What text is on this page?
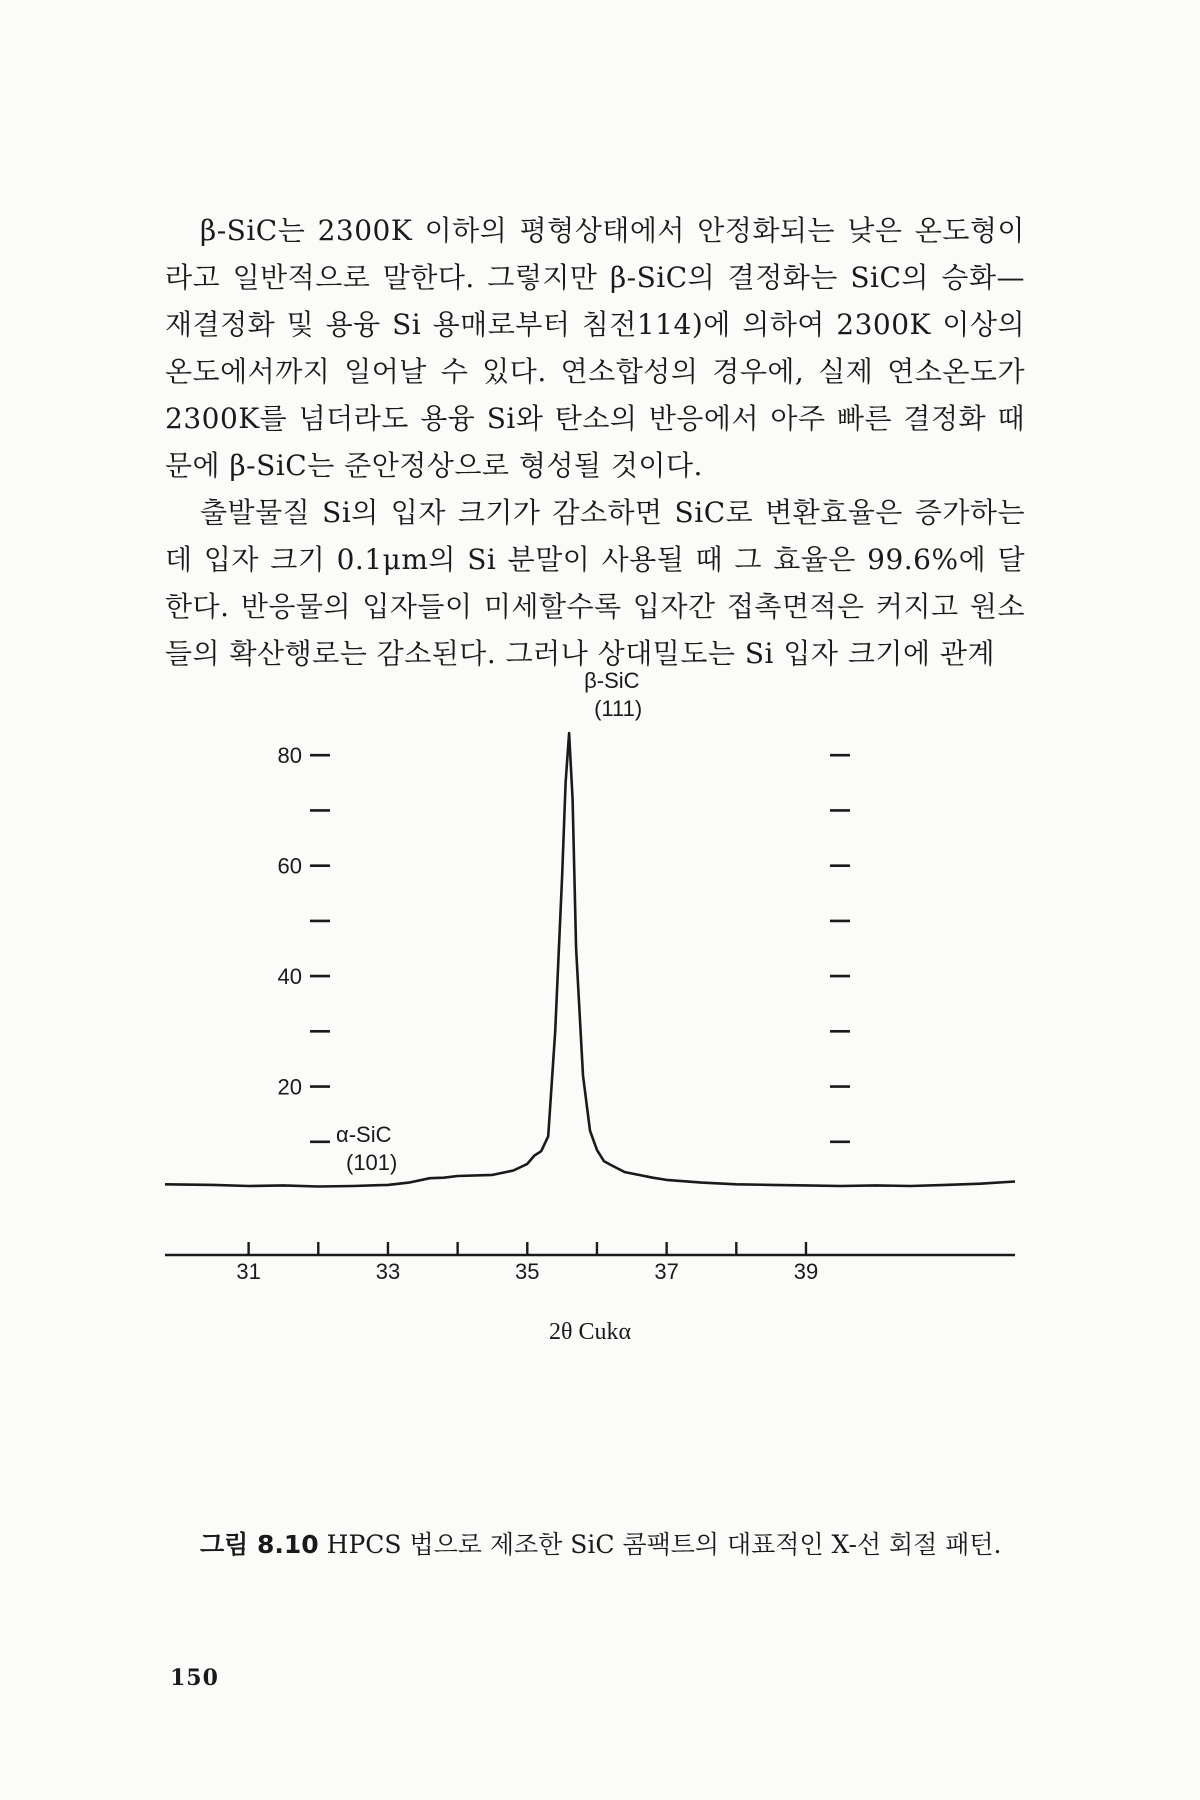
β-SiC는 2300K 이하의 평형상태에서 안정화되는 낮은 온도형이라고 일반적으로 말한다. 그렇지만 β-SiC의 결정화는 SiC의 승화—재결정화 및 용융 Si 용매로부터 침전114)에 의하여 2300K 이상의 온도에서까지 일어날 수 있다. 연소합성의 경우에, 실제 연소온도가 2300K를 넘더라도 용융 Si와 탄소의 반응에서 아주 빠른 결정화 때문에 β-SiC는 준안정상으로 형성될 것이다.
출발물질 Si의 입자 크기가 감소하면 SiC로 변환효율은 증가하는데 입자 크기 0.1μm의 Si 분말이 사용될 때 그 효율은 99.6%에 달한다. 반응물의 입자들이 미세할수록 입자간 접촉면적은 커지고 원소들의 확산행로는 감소된다. 그러나 상대밀도는 Si 입자 크기에 관계
31	33	35	37	39
2θ Cukα
20
40
60
80
β-SiC
(111)
α-SiC
(101)
그림 8.10 HPCS 법으로 제조한 SiC 콤팩트의 대표적인 X-선 회절 패턴.
150
